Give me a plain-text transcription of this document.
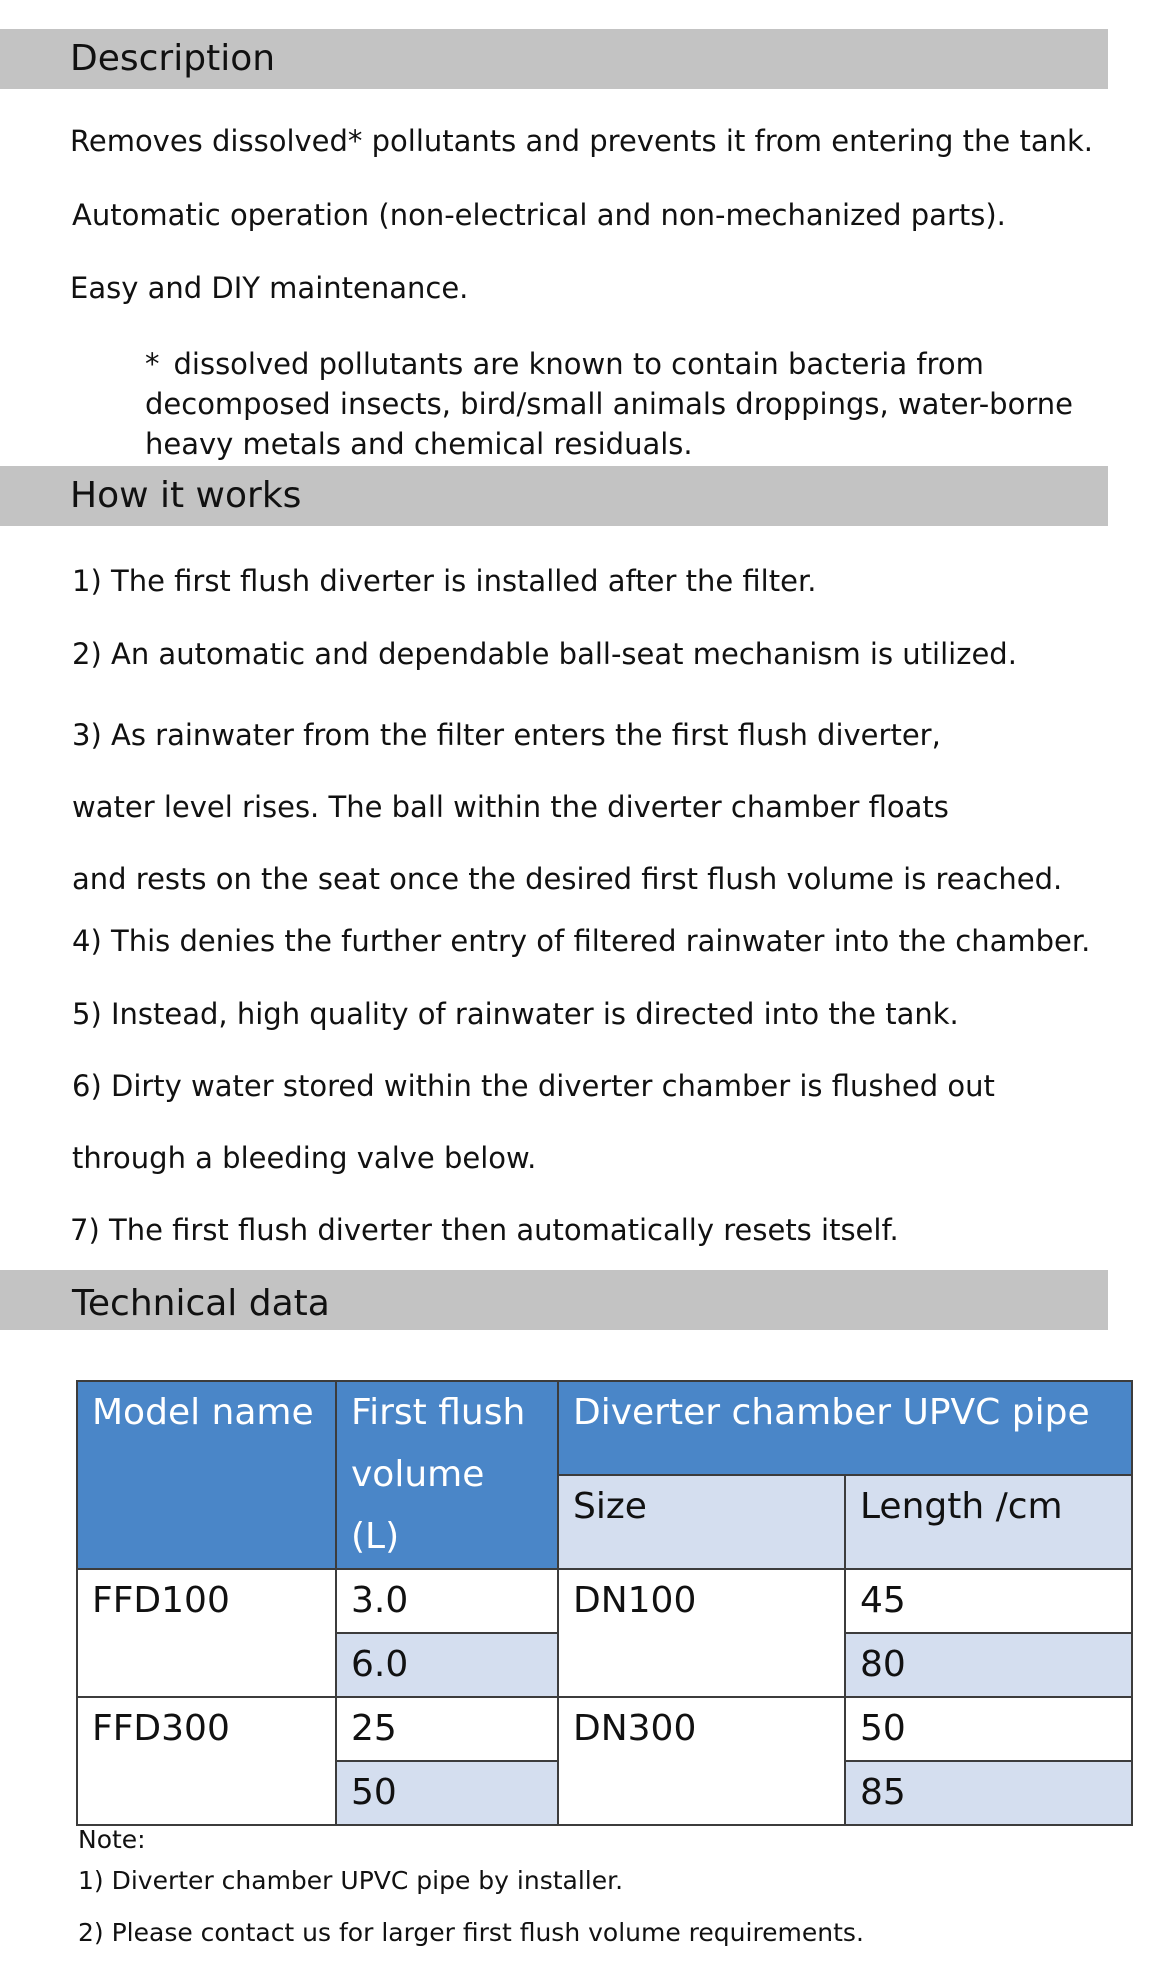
Description
Removes dissolved* pollutants and prevents it from entering the tank.
Automatic operation (non-electrical and non-mechanized parts).
Easy and DIY maintenance.
* dissolved pollutants are known to contain bacteria from decomposed insects, bird/small animals droppings, water-borne heavy metals and chemical residuals.
How it works
1) The first flush diverter is installed after the filter.
2) An automatic and dependable ball-seat mechanism is utilized.
3) As rainwater from the filter enters the first flush diverter,
water level rises. The ball within the diverter chamber floats
and rests on the seat once the desired first flush volume is reached.
4) This denies the further entry of filtered rainwater into the chamber.
5) Instead, high quality of rainwater is directed into the tank.
6) Dirty water stored within the diverter chamber is flushed out
through a bleeding valve below.
7) The first flush diverter then automatically resets itself.
Technical data
Model name	First flush volume (L)	Diverter chamber UPVC pipe	
		Size	Length /cm
FFD100	3.0	DN100	45
	6.0		80
FFD300	25	DN300	50
	50		85
Note:
1) Diverter chamber UPVC pipe by installer.
2) Please contact us for larger first flush volume requirements.
